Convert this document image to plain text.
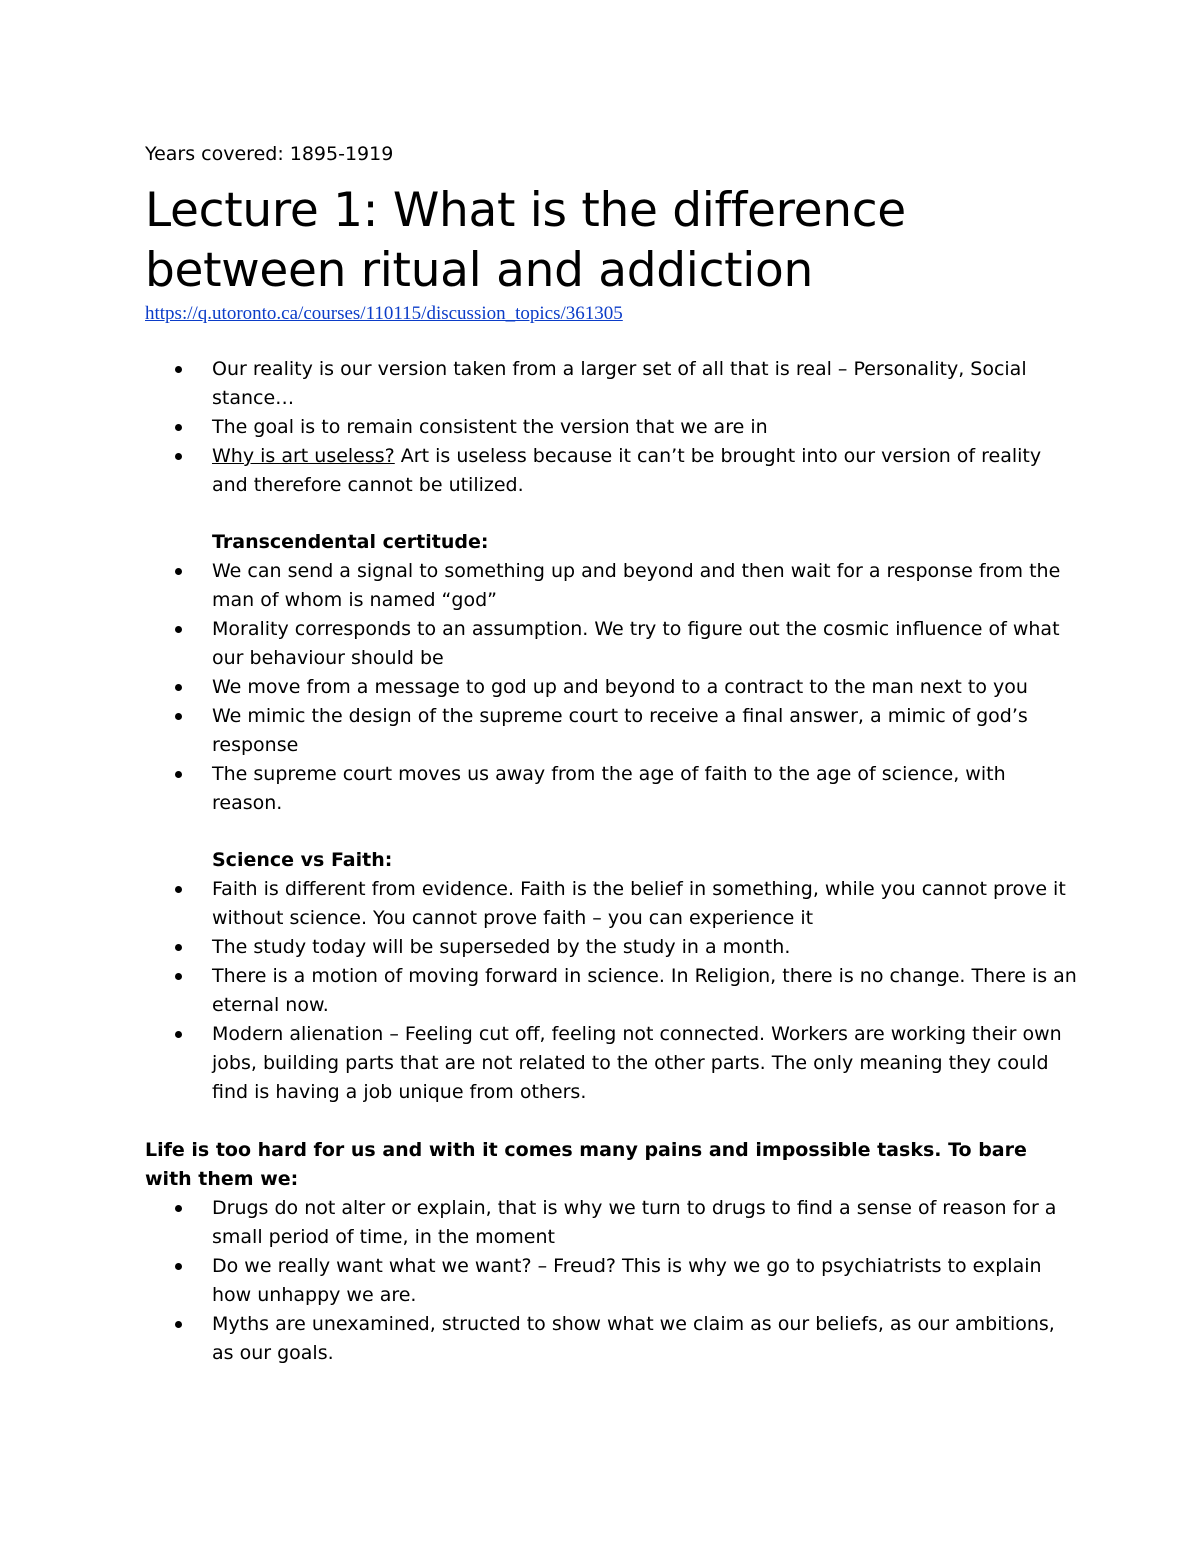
Years covered: 1895-1919
Lecture 1: What is the difference between ritual and addiction
https://q.utoronto.ca/courses/110115/discussion_topics/361305
Our reality is our version taken from a larger set of all that is real – Personality, Social stance…
The goal is to remain consistent the version that we are in
Why is art useless? Art is useless because it can’t be brought into our version of reality and therefore cannot be utilized.
Transcendental certitude:
We can send a signal to something up and beyond and then wait for a response from the man of whom is named “god”
Morality corresponds to an assumption. We try to figure out the cosmic influence of what our behaviour should be
We move from a message to god up and beyond to a contract to the man next to you
We mimic the design of the supreme court to receive a final answer, a mimic of god’s response
The supreme court moves us away from the age of faith to the age of science, with reason.
Science vs Faith:
Faith is different from evidence. Faith is the belief in something, while you cannot prove it without science. You cannot prove faith – you can experience it
The study today will be superseded by the study in a month.
There is a motion of moving forward in science. In Religion, there is no change. There is an eternal now.
Modern alienation – Feeling cut off, feeling not connected. Workers are working their own jobs, building parts that are not related to the other parts. The only meaning they could find is having a job unique from others.
Life is too hard for us and with it comes many pains and impossible tasks. To bare with them we:
Drugs do not alter or explain, that is why we turn to drugs to find a sense of reason for a small period of time, in the moment
Do we really want what we want? – Freud? This is why we go to psychiatrists to explain how unhappy we are.
Myths are unexamined, structed to show what we claim as our beliefs, as our ambitions, as our goals.
